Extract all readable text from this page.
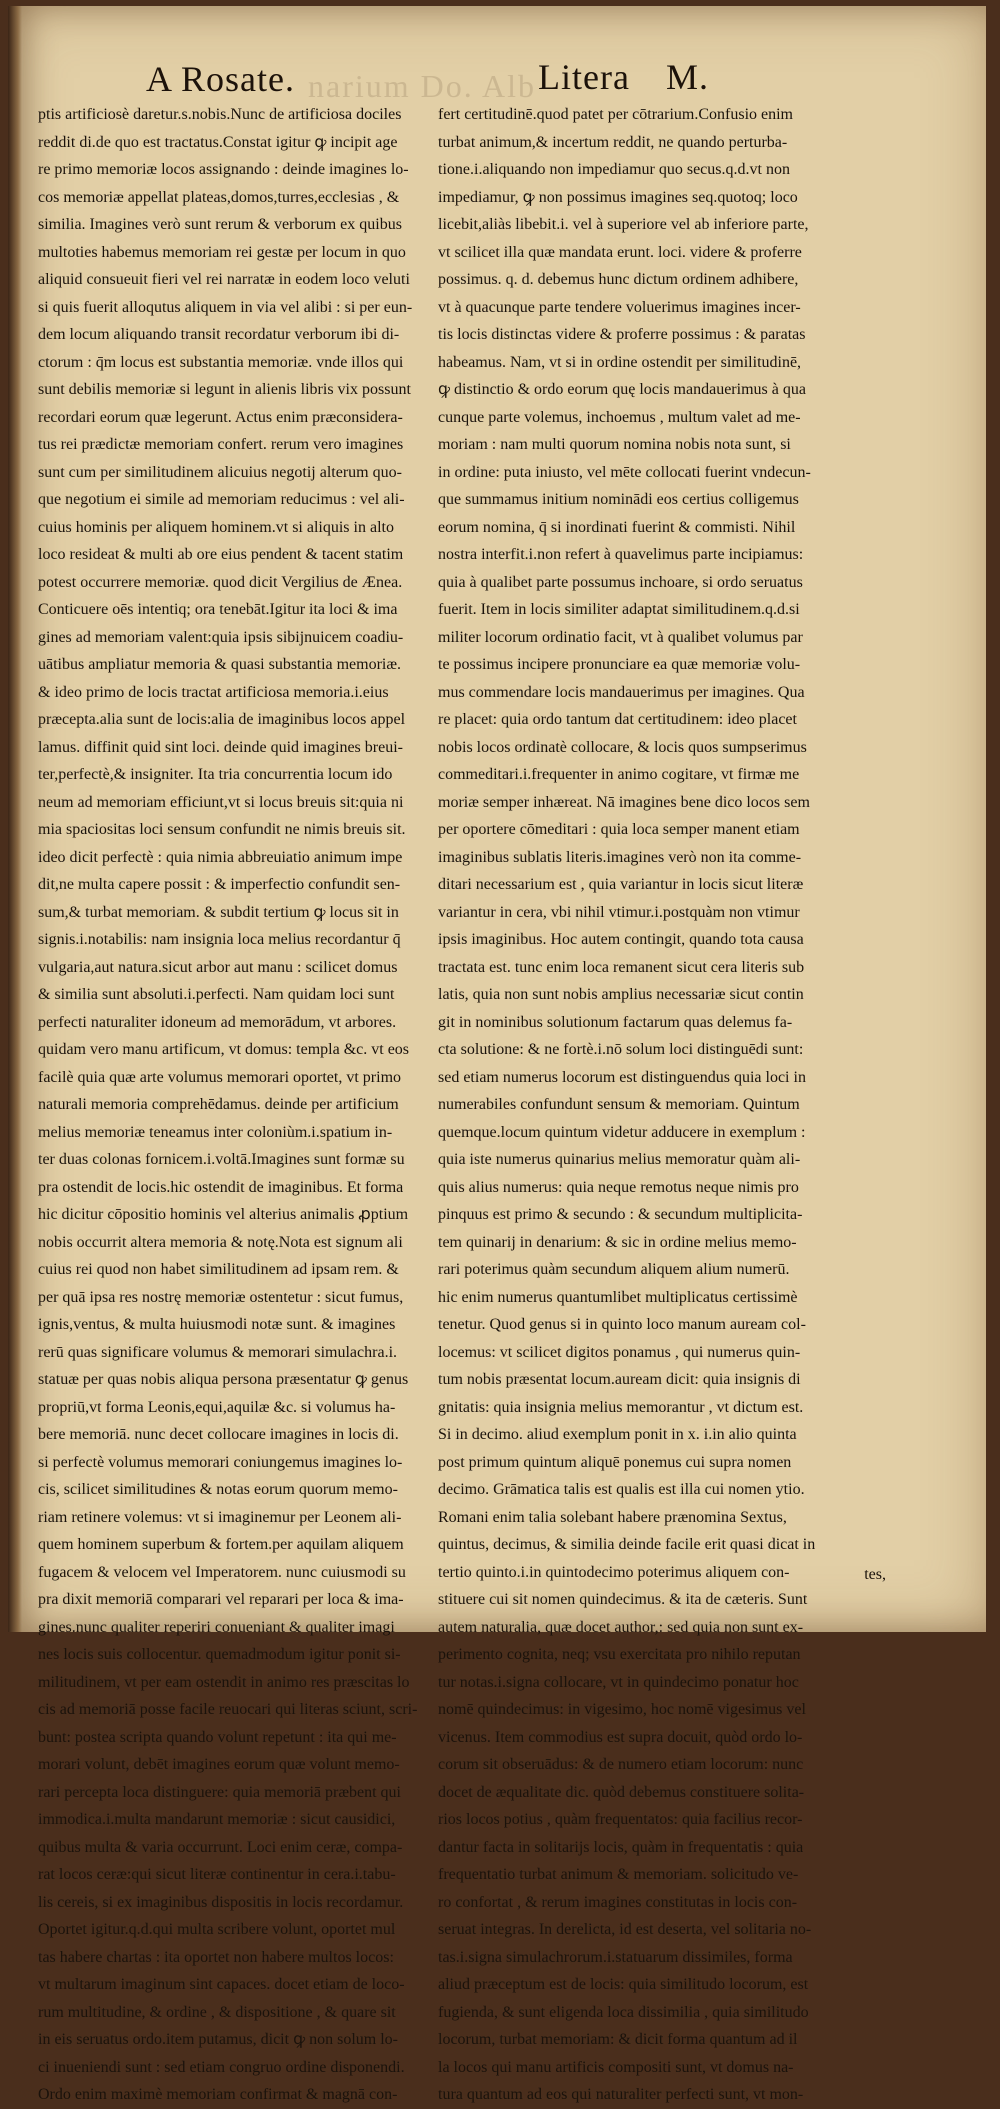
narium Do. Alb
A Rosate.	Litera M.
ptis artificiosè daretur.s.nobis.Nunc de artificiosa dociles
reddit di.de quo est tractatus.Constat igitur ꝙ incipit age
re primo memoriæ locos assignando : deinde imagines lo-
cos memoriæ appellat plateas,domos,turres,ecclesias , &
similia. Imagines verò sunt rerum & verborum ex quibus
multoties habemus memoriam rei gestæ per locum in quo
aliquid consueuit fieri vel rei narratæ in eodem loco veluti
si quis fuerit alloqutus aliquem in via vel alibi : si per eun-
dem locum aliquando transit recordatur verborum ibi di-
ctorum : q̄m locus est substantia memoriæ. vnde illos qui
sunt debilis memoriæ si legunt in alienis libris vix possunt
recordari eorum quæ legerunt. Actus enim præconsidera-
tus rei prædictæ memoriam confert. rerum vero imagines
sunt cum per similitudinem alicuius negotij alterum quo-
que negotium ei simile ad memoriam reducimus : vel ali-
cuius hominis per aliquem hominem.vt si aliquis in alto
loco resideat & multi ab ore eius pendent & tacent statim
potest occurrere memoriæ. quod dicit Vergilius de Ænea.
Conticuere oēs intentiq; ora tenebāt.Igitur ita loci & ima
gines ad memoriam valent:quia ipsis sibijnuicem coadiu-
uātibus ampliatur memoria & quasi substantia memoriæ.
& ideo primo de locis tractat artificiosa memoria.i.eius
præcepta.alia sunt de locis:alia de imaginibus locos appel
lamus. diffinit quid sint loci. deinde quid imagines breui-
ter,perfectè,& insigniter. Ita tria concurrentia locum ido
neum ad memoriam efficiunt,vt si locus breuis sit:quia ni
mia spaciositas loci sensum confundit ne nimis breuis sit.
ideo dicit perfectè : quia nimia abbreuiatio animum impe
dit,ne multa capere possit : & imperfectio confundit sen-
sum,& turbat memoriam. & subdit tertium ꝙ locus sit in
signis.i.notabilis: nam insignia loca melius recordantur q̄
vulgaria,aut natura.sicut arbor aut manu : scilicet domus
& similia sunt absoluti.i.perfecti. Nam quidam loci sunt
perfecti naturaliter idoneum ad memorādum, vt arbores.
quidam vero manu artificum, vt domus: templa &c. vt eos
facilè quia quæ arte volumus memorari oportet, vt primo
naturali memoria comprehēdamus. deinde per artificium
melius memoriæ teneamus inter coloniùm.i.spatium in-
ter duas colonas fornicem.i.voltā.Imagines sunt formæ su
pra ostendit de locis.hic ostendit de imaginibus. Et forma
hic dicitur cōpositio hominis vel alterius animalis ꝓptium
nobis occurrit altera memoria & notę.Nota est signum ali
cuius rei quod non habet similitudinem ad ipsam rem. &
per quā ipsa res nostrę memoriæ ostentetur : sicut fumus,
ignis,ventus, & multa huiusmodi notæ sunt. & imagines
rerū quas significare volumus & memorari simulachra.i.
statuæ per quas nobis aliqua persona præsentatur ꝙ genus
propriū,vt forma Leonis,equi,aquilæ &c. si volumus ha-
bere memoriā. nunc decet collocare imagines in locis di.
si perfectè volumus memorari coniungemus imagines lo-
cis, scilicet similitudines & notas eorum quorum memo-
riam retinere volemus: vt si imaginemur per Leonem ali-
quem hominem superbum & fortem.per aquilam aliquem
fugacem & velocem vel Imperatorem. nunc cuiusmodi su
pra dixit memoriā comparari vel reparari per loca & ima-
gines.nunc qualiter reperiri conueniant & qualiter imagi
nes locis suis collocentur. quemadmodum igitur ponit si-
militudinem, vt per eam ostendit in animo res præscitas lo
cis ad memoriā posse facile reuocari qui literas sciunt, scri-
bunt: postea scripta quando volunt repetunt : ita qui me-
morari volunt, debēt imagines eorum quæ volunt memo-
rari percepta loca distinguere: quia memoriā præbent qui
immodica.i.multa mandarunt memoriæ : sicut causidici,
quibus multa & varia occurrunt. Loci enim ceræ, compa-
rat locos ceræ:qui sicut literæ continentur in cera.i.tabu-
lis cereis, si ex imaginibus dispositis in locis recordamur.
Oportet igitur.q.d.qui multa scribere volunt, oportet mul
tas habere chartas : ita oportet non habere multos locos:
vt multarum imaginum sint capaces. docet etiam de loco-
rum multitudine, & ordine , & dispositione , & quare sit
in eis seruatus ordo.item putamus, dicit ꝙ non solum lo-
ci inueniendi sunt : sed etiam congruo ordine disponendi.
Ordo enim maximè memoriam confirmat & magnā con-
fert certitudinē.quod patet per cōtrarium.Confusio enim
turbat animum,& incertum reddit, ne quando perturba-
tione.i.aliquando non impediamur quo secus.q.d.vt non
impediamur, ꝙ non possimus imagines seq.quotoq; loco
licebit,aliàs libebit.i. vel à superiore vel ab inferiore parte,
vt scilicet illa quæ mandata erunt. loci. videre & proferre
possimus. q. d. debemus hunc dictum ordinem adhibere,
vt à quacunque parte tendere voluerimus imagines incer-
tis locis distinctas videre & proferre possimus : & paratas
habeamus. Nam, vt si in ordine ostendit per similitudinē,
ꝙ distinctio & ordo eorum quę locis mandauerimus à qua
cunque parte volemus, inchoemus , multum valet ad me-
moriam : nam multi quorum nomina nobis nota sunt, si
in ordine: puta iniusto, vel mēte collocati fuerint vndecun-
que summamus initium nominādi eos certius colligemus
eorum nomina, q̄ si inordinati fuerint & commisti. Nihil
nostra interfit.i.non refert à quavelimus parte incipiamus:
quia à qualibet parte possumus inchoare, si ordo seruatus
fuerit. Item in locis similiter adaptat similitudinem.q.d.si
militer locorum ordinatio facit, vt à qualibet volumus par
te possimus incipere pronunciare ea quæ memoriæ volu-
mus commendare locis mandauerimus per imagines. Qua
re placet: quia ordo tantum dat certitudinem: ideo placet
nobis locos ordinatè collocare, & locis quos sumpserimus
commeditari.i.frequenter in animo cogitare, vt firmæ me
moriæ semper inhæreat. Nā imagines bene dico locos sem
per oportere cōmeditari : quia loca semper manent etiam
imaginibus sublatis literis.imagines verò non ita comme-
ditari necessarium est , quia variantur in locis sicut literæ
variantur in cera, vbi nihil vtimur.i.postquàm non vtimur
ipsis imaginibus. Hoc autem contingit, quando tota causa
tractata est. tunc enim loca remanent sicut cera literis sub
latis, quia non sunt nobis amplius necessariæ sicut contin
git in nominibus solutionum factarum quas delemus fa-
cta solutione: & ne fortè.i.nō solum loci distinguēdi sunt:
sed etiam numerus locorum est distinguendus quia loci in
numerabiles confundunt sensum & memoriam. Quintum
quemque.locum quintum videtur adducere in exemplum :
quia iste numerus quinarius melius memoratur quàm ali-
quis alius numerus: quia neque remotus neque nimis pro
pinquus est primo & secundo : & secundum multiplicita-
tem quinarij in denarium: & sic in ordine melius memo-
rari poterimus quàm secundum aliquem alium numerū.
hic enim numerus quantumlibet multiplicatus certissimè
tenetur. Quod genus si in quinto loco manum auream col-
locemus: vt scilicet digitos ponamus , qui numerus quin-
tum nobis præsentat locum.auream dicit: quia insignis di
gnitatis: quia insignia melius memorantur , vt dictum est.
Si in decimo. aliud exemplum ponit in x. i.in alio quinta
post primum quintum aliquē ponemus cui supra nomen
decimo. Grāmatica talis est qualis est illa cui nomen ytio.
Romani enim talia solebant habere prænomina Sextus,
quintus, decimus, & similia deinde facile erit quasi dicat in
tertio quinto.i.in quintodecimo poterimus aliquem con-
stituere cui sit nomen quindecimus. & ita de cæteris. Sunt
autem naturalia, quæ docet author,: sed quia non sunt ex-
perimento cognita, neq; vsu exercitata pro nihilo reputan
tur notas.i.signa collocare, vt in quindecimo ponatur hoc
nomē quindecimus: in vigesimo, hoc nomē vigesimus vel
vicenus. Item commodius est supra docuit, quòd ordo lo-
corum sit obseruādus: & de numero etiam locorum: nunc
docet de æqualitate dic. quòd debemus constituere solita-
rios locos potius , quàm frequentatos: quia facilius recor-
dantur facta in solitarijs locis, quàm in frequentatis : quia
frequentatio turbat animum & memoriam. solicitudo ve-
ro confortat , & rerum imagines constitutas in locis con-
seruat integras. In derelicta, id est deserta, vel solitaria no-
tas.i.signa simulachrorum.i.statuarum dissimiles, forma
aliud præceptum est de locis: quia similitudo locorum, est
fugienda, & sunt eligenda loca dissimilia , quia similitudo
locorum, turbat memoriam: & dicit forma quantum ad il
la locos qui manu artificis compositi sunt, vt domus na-
tura quantum ad eos qui naturaliter perfecti sunt, vt mon-
tes,
